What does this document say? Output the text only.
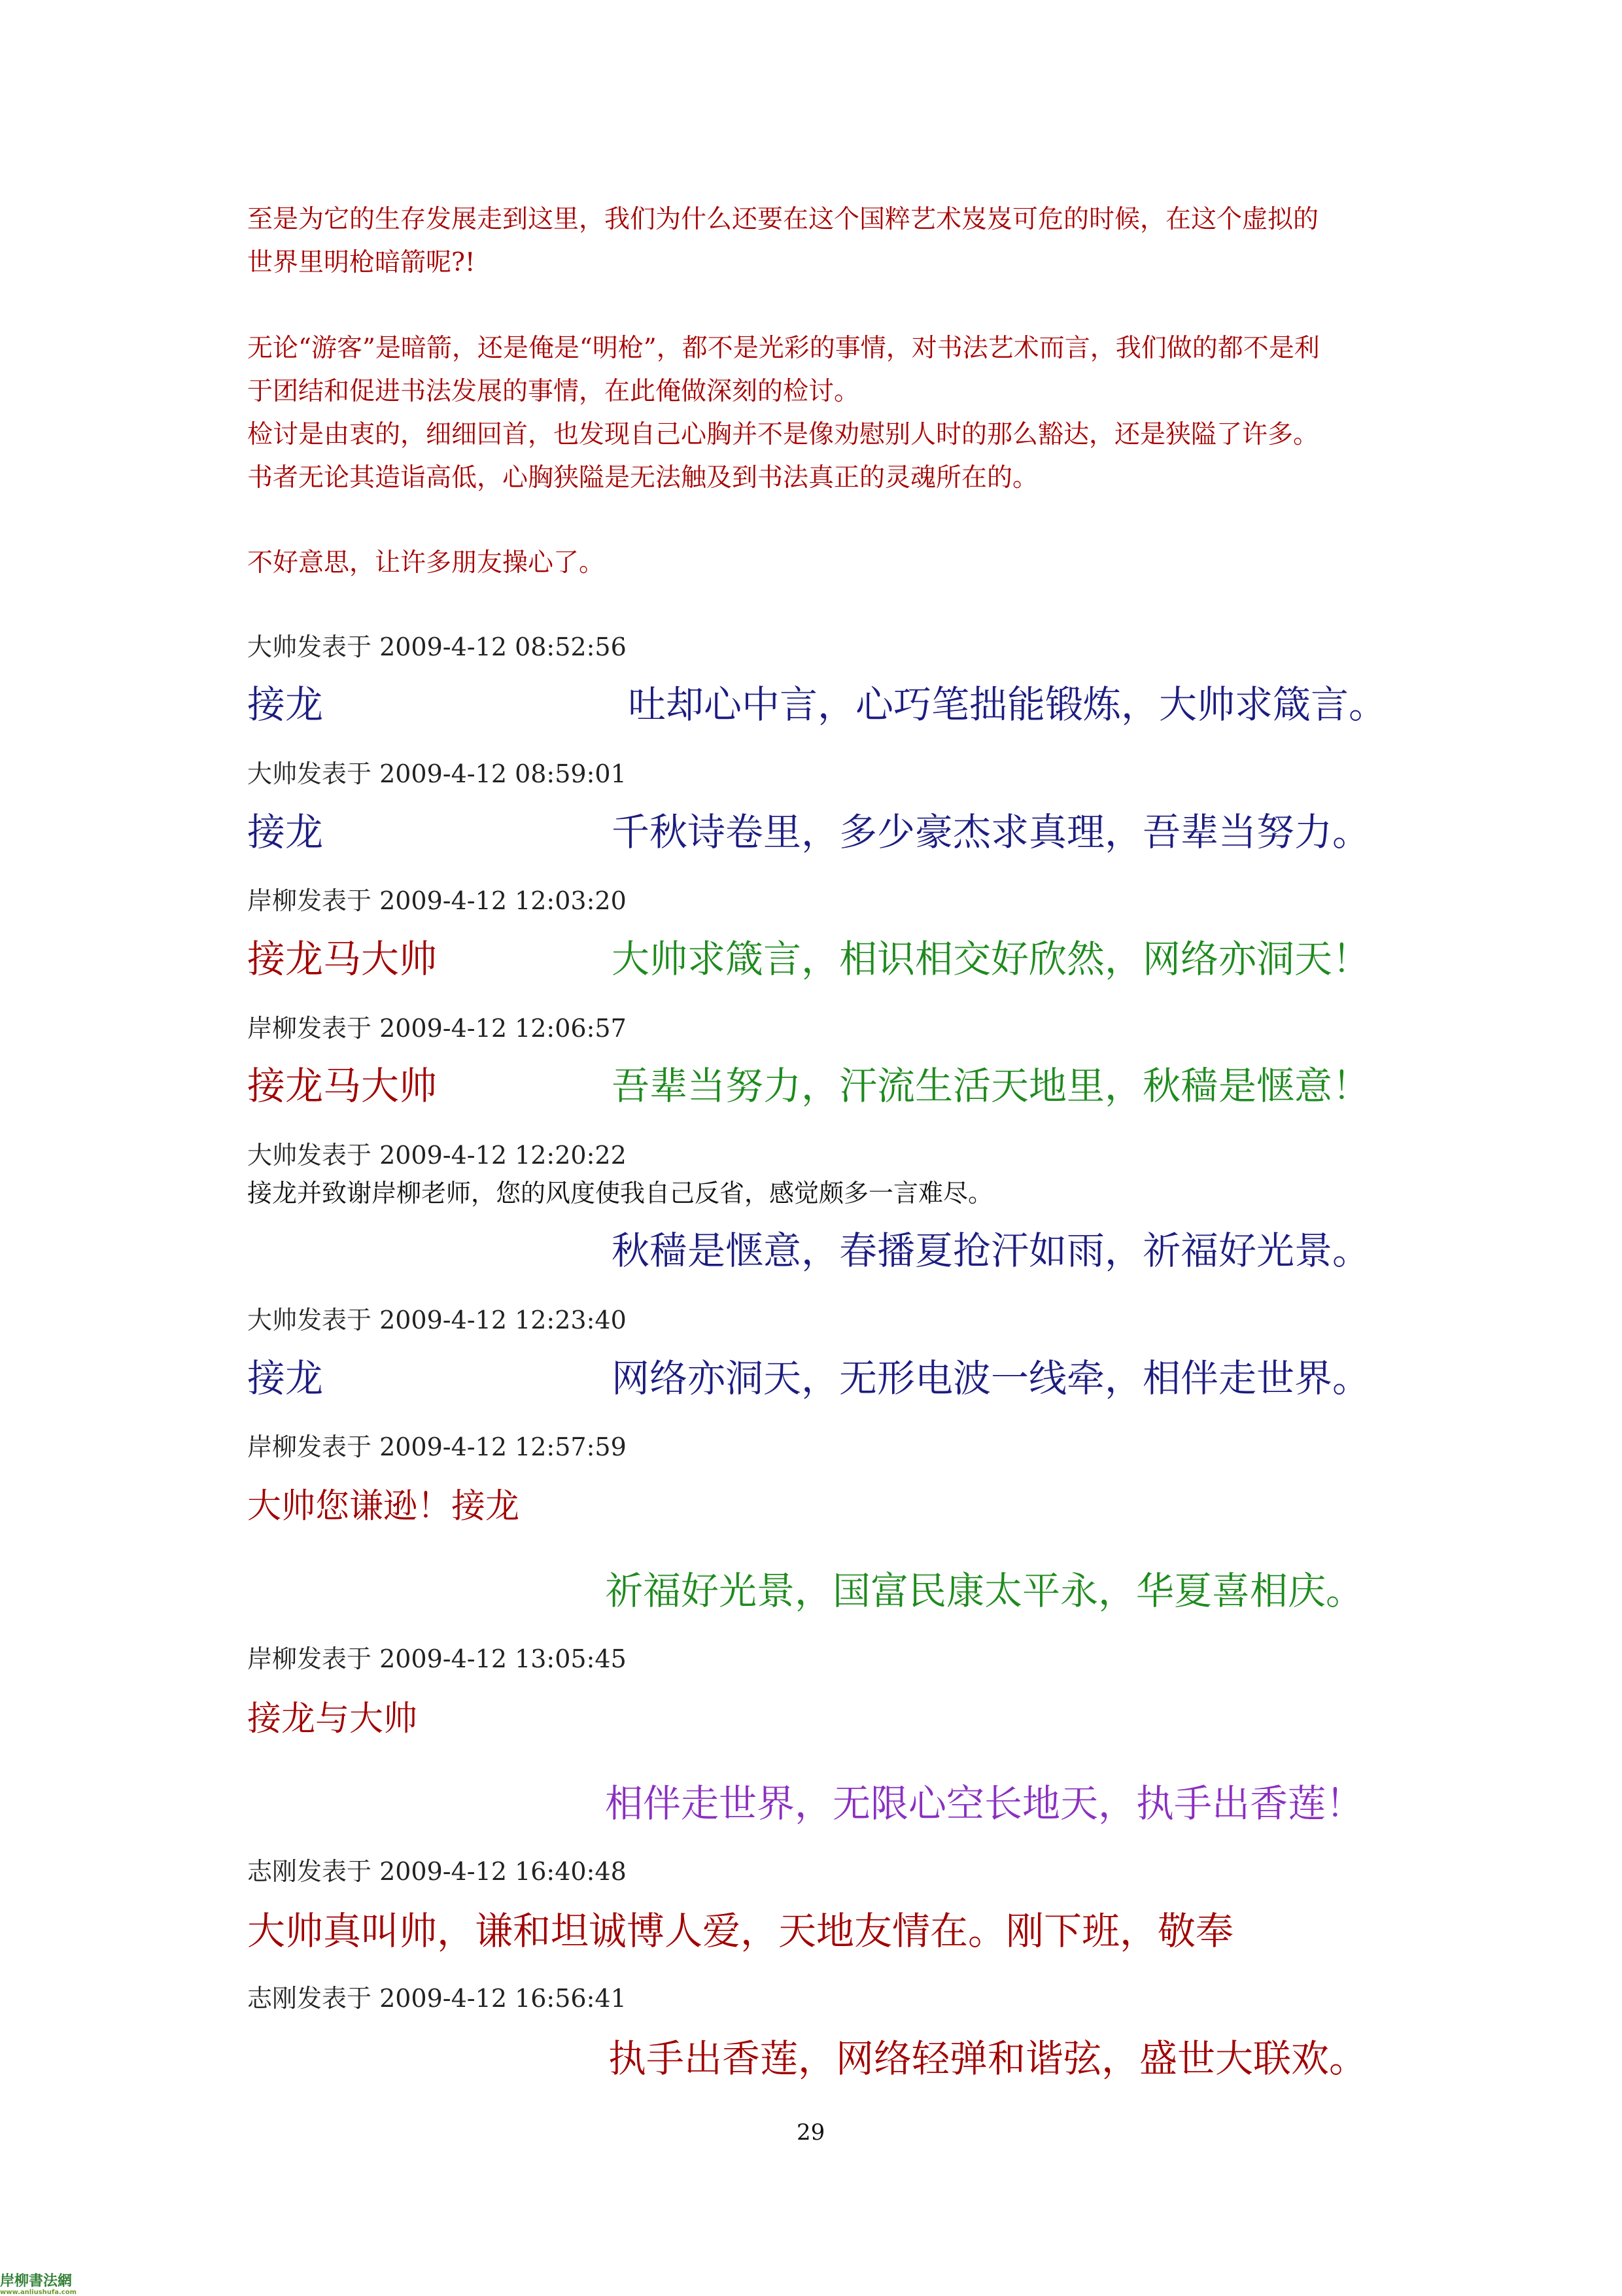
至是为它的生存发展走到这里，我们为什么还要在这个国粹艺术岌岌可危的时候，在这个虚拟的

世界里明枪暗箭呢?!

无论“游客”是暗箭，还是俺是“明枪”，都不是光彩的事情，对书法艺术而言，我们做的都不是利

于团结和促进书法发展的事情，在此俺做深刻的检讨。

检讨是由衷的，细细回首，也发现自己心胸并不是像劝慰别人时的那么豁达，还是狭隘了许多。

书者无论其造诣高低，心胸狭隘是无法触及到书法真正的灵魂所在的。

不好意思，让许多朋友操心了。

大帅发表于 2009-4-12 08:52:56
接龙	吐却心中言，心巧笔拙能锻炼，大帅求箴言。
大帅发表于 2009-4-12 08:59:01
接龙	千秋诗卷里，多少豪杰求真理，吾辈当努力。
岸柳发表于 2009-4-12 12:03:20
接龙马大帅	大帅求箴言，相识相交好欣然，网络亦洞天！
岸柳发表于 2009-4-12 12:06:57
接龙马大帅	吾辈当努力，汗流生活天地里，秋穑是惬意！
大帅发表于 2009-4-12 12:20:22
接龙并致谢岸柳老师，您的风度使我自己反省，感觉颇多一言难尽。
秋穑是惬意，春播夏抢汗如雨，祈福好光景。
大帅发表于 2009-4-12 12:23:40
接龙	网络亦洞天，无形电波一线牵，相伴走世界。
岸柳发表于 2009-4-12 12:57:59
大帅您谦逊！接龙
祈福好光景，国富民康太平永，华夏喜相庆。
岸柳发表于 2009-4-12 13:05:45
接龙与大帅
相伴走世界，无限心空长地天，执手出香莲！
志刚发表于 2009-4-12 16:40:48
大帅真叫帅，谦和坦诚博人爱，天地友情在。刚下班，敬奉
志刚发表于 2009-4-12 16:56:41
执手出香莲，网络轻弹和谐弦，盛世大联欢。
29
岸柳書法網
www.anliushufa.com
